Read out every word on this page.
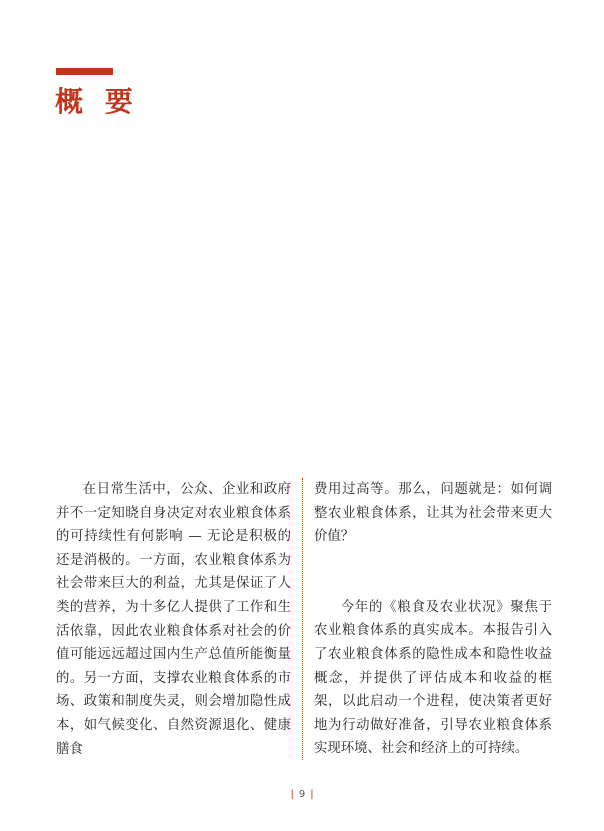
概 要

在日常生活中，公众、企业和政府并不一定知晓自身决定对农业粮食体系的可持续性有何影响 — 无论是积极的还是消极的。一方面，农业粮食体系为社会带来巨大的利益，尤其是保证了人类的营养，为十多亿人提供了工作和生活依靠，因此农业粮食体系对社会的价值可能远远超过国内生产总值所能衡量的。另一方面，支撑农业粮食体系的市场、政策和制度失灵，则会增加隐性成本，如气候变化、自然资源退化、健康膳食

费用过高等。那么，问题就是：如何调整农业粮食体系，让其为社会带来更大价值？

今年的《粮食及农业状况》聚焦于农业粮食体系的真实成本。本报告引入了农业粮食体系的隐性成本和隐性收益概念，并提供了评估成本和收益的框架，以此启动一个进程，使决策者更好地为行动做好准备，引导农业粮食体系实现环境、社会和经济上的可持续。

| 9 |
